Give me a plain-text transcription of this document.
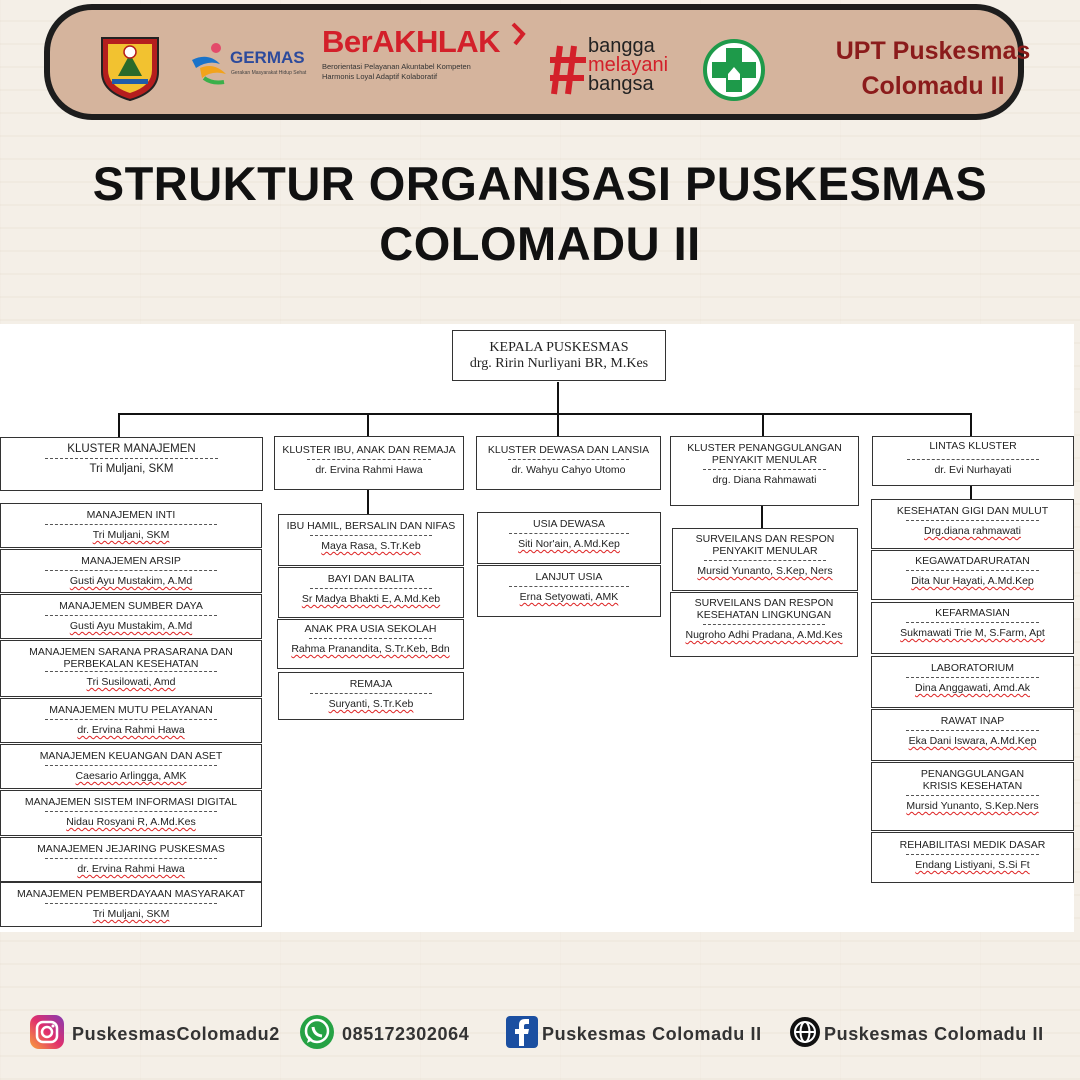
GERMAS
Gerakan Masyarakat Hidup Sehat
BerAKHLAK
Berorientasi Pelayanan Akuntabel Kompeten
Harmonis Loyal Adaptif Kolaboratif
bangga
melayani
bangsa
UPT Puskesmas
Colomadu II
STRUKTUR ORGANISASI PUSKESMAS
COLOMADU II
KEPALA PUSKESMAS
drg. Ririn Nurliyani BR, M.Kes
KLUSTER MANAJEMEN
Tri Muljani, SKM
KLUSTER IBU, ANAK DAN REMAJA
dr. Ervina Rahmi Hawa
KLUSTER DEWASA DAN LANSIA
dr. Wahyu Cahyo Utomo
KLUSTER PENANGGULANGAN PENYAKIT MENULAR
drg. Diana Rahmawati
LINTAS KLUSTER
dr. Evi Nurhayati
MANAJEMEN INTI
Tri Muljani, SKM
MANAJEMEN ARSIP
Gusti Ayu Mustakim, A.Md
MANAJEMEN SUMBER DAYA
Gusti Ayu Mustakim, A.Md
MANAJEMEN SARANA PRASARANA DAN PERBEKALAN KESEHATAN
Tri Susilowati, Amd
MANAJEMEN MUTU PELAYANAN
dr. Ervina Rahmi Hawa
MANAJEMEN KEUANGAN DAN ASET
Caesario Arlingga, AMK
MANAJEMEN SISTEM INFORMASI DIGITAL
Nidau Rosyani R, A.Md.Kes
MANAJEMEN JEJARING PUSKESMAS
dr. Ervina Rahmi Hawa
MANAJEMEN PEMBERDAYAAN MASYARAKAT
Tri Muljani, SKM
IBU HAMIL, BERSALIN DAN NIFAS
Maya Rasa, S.Tr.Keb
BAYI DAN BALITA
Sr Madya Bhakti E, A.Md.Keb
ANAK PRA USIA SEKOLAH
Rahma Pranandita, S.Tr.Keb, Bdn
REMAJA
Suryanti, S.Tr.Keb
USIA DEWASA
Siti Nor'ain, A.Md.Kep
LANJUT USIA
Erna Setyowati, AMK
SURVEILANS DAN RESPON PENYAKIT MENULAR
Mursid Yunanto, S.Kep, Ners
SURVEILANS DAN RESPON KESEHATAN LINGKUNGAN
Nugroho Adhi Pradana, A.Md.Kes
KESEHATAN GIGI DAN MULUT
Drg.diana rahmawati
KEGAWATDARURATAN
Dita Nur Hayati, A.Md.Kep
KEFARMASIAN
Sukmawati Trie M, S.Farm, Apt
LABORATORIUM
Dina Anggawati, Amd.Ak
RAWAT INAP
Eka Dani Iswara, A.Md.Kep
PENANGGULANGAN KRISIS KESEHATAN
Mursid Yunanto, S.Kep.Ners
REHABILITASI MEDIK DASAR
Endang Listiyani, S.Si Ft
PuskesmasColomadu2	085172302064	Puskesmas Colomadu II	Puskesmas Colomadu II
